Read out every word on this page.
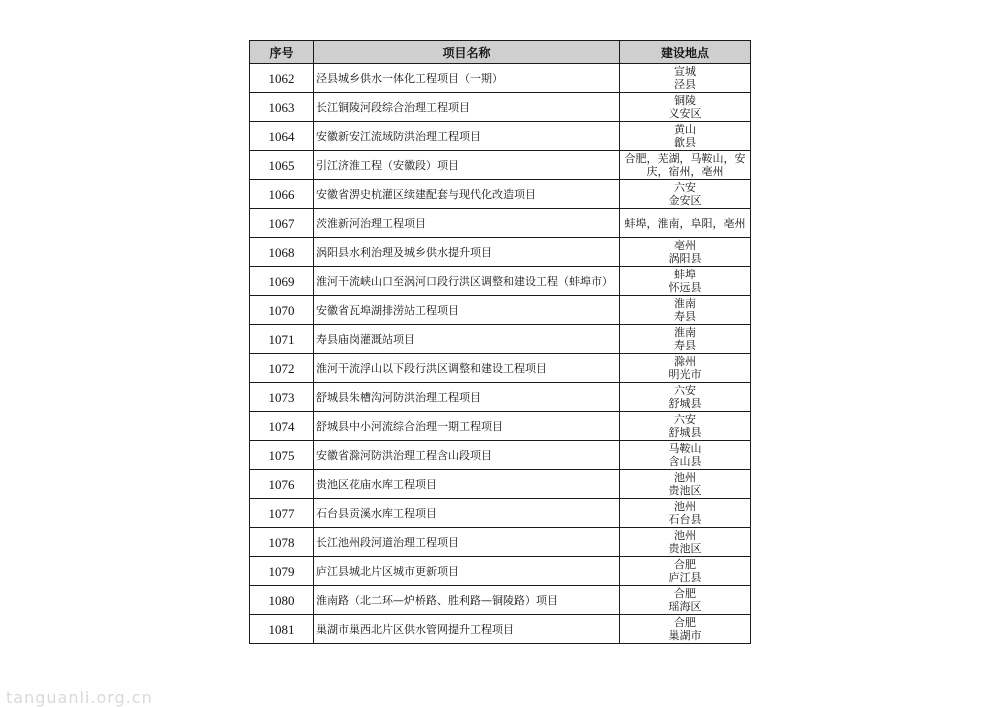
序号	项目名称	建设地点
1062	泾县城乡供水一体化工程项目（一期）	宣城
泾县

1063	长江铜陵河段综合治理工程项目	铜陵
义安区

1064	安徽新安江流域防洪治理工程项目	黄山
歙县

1065	引江济淮工程（安徽段）项目	合肥，芜湖，马鞍山，安
庆，宿州，亳州

1066	安徽省淠史杭灌区续建配套与现代化改造项目	六安
金安区

1067	茨淮新河治理工程项目	蚌埠，淮南，阜阳，亳州

1068	涡阳县水利治理及城乡供水提升项目	亳州
涡阳县

1069	淮河干流峡山口至涡河口段行洪区调整和建设工程（蚌埠市）	蚌埠
怀远县

1070	安徽省瓦埠湖排涝站工程项目	淮南
寿县

1071	寿县庙岗灌溉站项目	淮南
寿县

1072	淮河干流浮山以下段行洪区调整和建设工程项目	滁州
明光市

1073	舒城县朱槽沟河防洪治理工程项目	六安
舒城县

1074	舒城县中小河流综合治理一期工程项目	六安
舒城县

1075	安徽省滁河防洪治理工程含山段项目	马鞍山
含山县

1076	贵池区花庙水库工程项目	池州
贵池区

1077	石台县贡溪水库工程项目	池州
石台县

1078	长江池州段河道治理工程项目	池州
贵池区

1079	庐江县城北片区城市更新项目	合肥
庐江县

1080	淮南路（北二环—炉桥路、胜利路—铜陵路）项目	合肥
瑶海区

1081	巢湖市巢西北片区供水管网提升工程项目	合肥
巢湖市
tanguanli.org.cn
